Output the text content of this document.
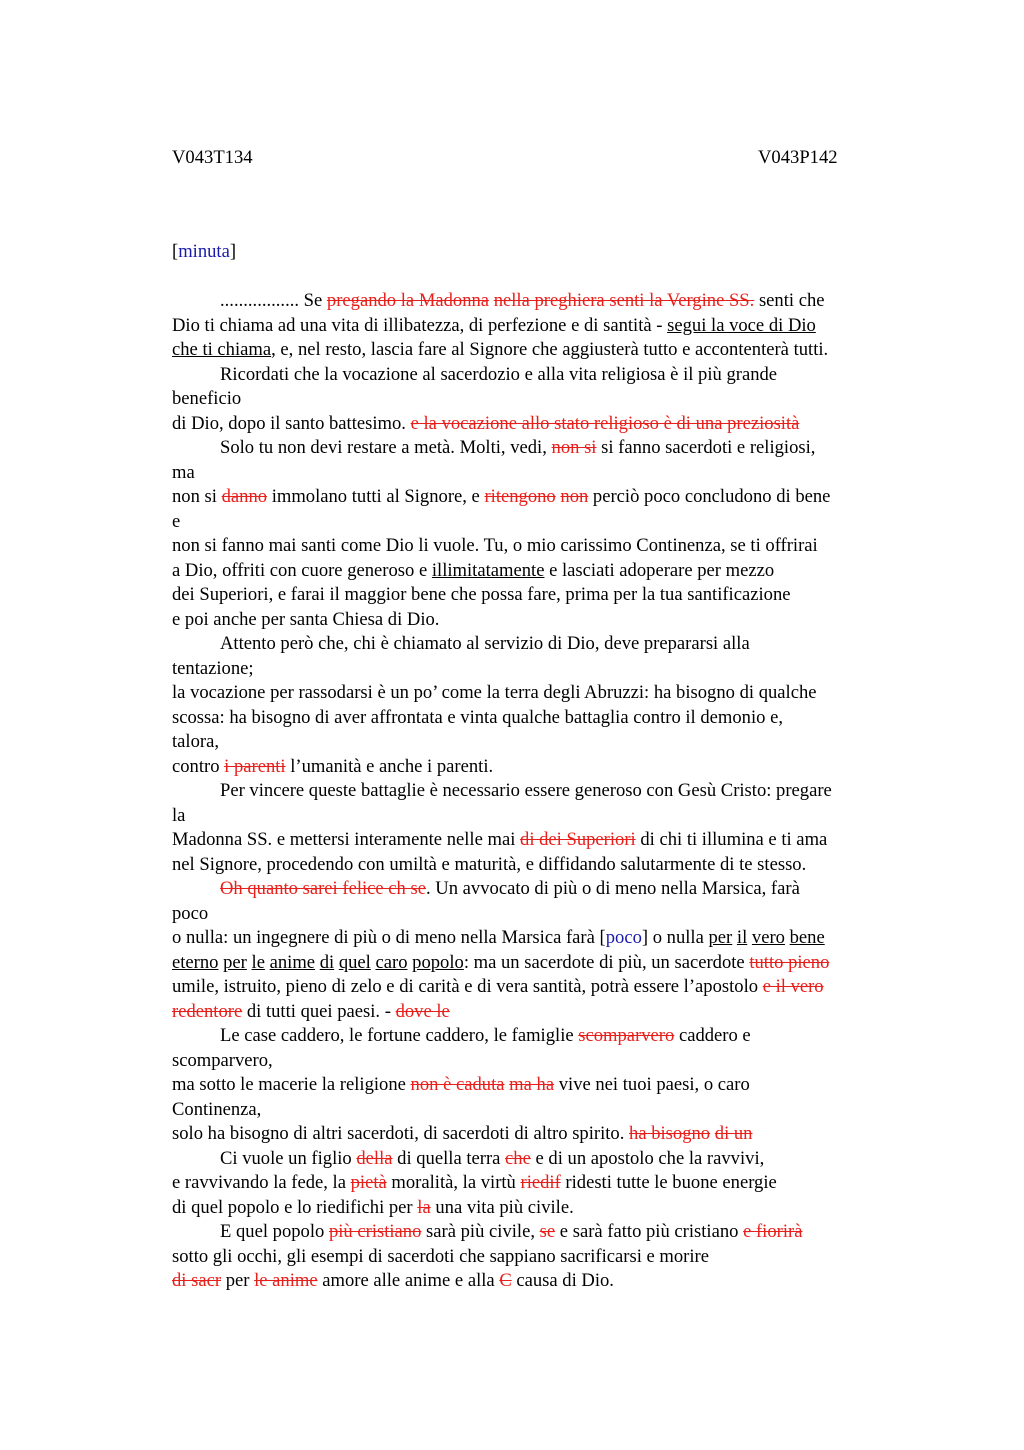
V043T134	V043P142
[minuta]
................. Se pregando la Madonna nella preghiera senti la Vergine SS. senti che
Dio ti chiama ad una vita di illibatezza, di perfezione e di santità - segui la voce di Dio
che ti chiama, e, nel resto, lascia fare al Signore che aggiusterà tutto e accontenterà tutti.
Ricordati che la vocazione al sacerdozio e alla vita religiosa è il più grande
beneficio
di Dio, dopo il santo battesimo. e la vocazione allo stato religioso è di una preziosità
Solo tu non devi restare a metà. Molti, vedi, non si si fanno sacerdoti e religiosi,
ma
non si danno immolano tutti al Signore, e ritengono non perciò poco concludono di bene
e
non si fanno mai santi come Dio li vuole. Tu, o mio carissimo Continenza, se ti offrirai
a Dio, offriti con cuore generoso e illimitatamente e lasciati adoperare per mezzo
dei Superiori, e farai il maggior bene che possa fare, prima per la tua santificazione
e poi anche per santa Chiesa di Dio.
Attento però che, chi è chiamato al servizio di Dio, deve prepararsi alla
tentazione;
la vocazione per rassodarsi è un po’ come la terra degli Abruzzi: ha bisogno di qualche
scossa: ha bisogno di aver affrontata e vinta qualche battaglia contro il demonio e,
talora,
contro i parenti l’umanità e anche i parenti.
Per vincere queste battaglie è necessario essere generoso con Gesù Cristo: pregare
la
Madonna SS. e mettersi interamente nelle mai di dei Superiori di chi ti illumina e ti ama
nel Signore, procedendo con umiltà e maturità, e diffidando salutarmente di te stesso.
Oh quanto sarei felice ch se. Un avvocato di più o di meno nella Marsica, farà
poco
o nulla: un ingegnere di più o di meno nella Marsica farà [poco] o nulla per il vero bene
eterno per le anime di quel caro popolo: ma un sacerdote di più, un sacerdote tutto pieno
umile, istruito, pieno di zelo e di carità e di vera santità, potrà essere l’apostolo e il vero
redentore di tutti quei paesi. - dove le
Le case caddero, le fortune caddero, le famiglie scomparvero caddero e
scomparvero,
ma sotto le macerie la religione non è caduta ma ha vive nei tuoi paesi, o caro
Continenza,
solo ha bisogno di altri sacerdoti, di sacerdoti di altro spirito. ha bisogno di un
Ci vuole un figlio della di quella terra che e di un apostolo che la ravvivi,
e ravvivando la fede, la pietà moralità, la virtù riedif ridesti tutte le buone energie
di quel popolo e lo riedifichi per la una vita più civile.
E quel popolo più cristiano sarà più civile, se e sarà fatto più cristiano e fiorirà
sotto gli occhi, gli esempi di sacerdoti che sappiano sacrificarsi e morire
di sacr per le anime amore alle anime e alla C causa di Dio.
